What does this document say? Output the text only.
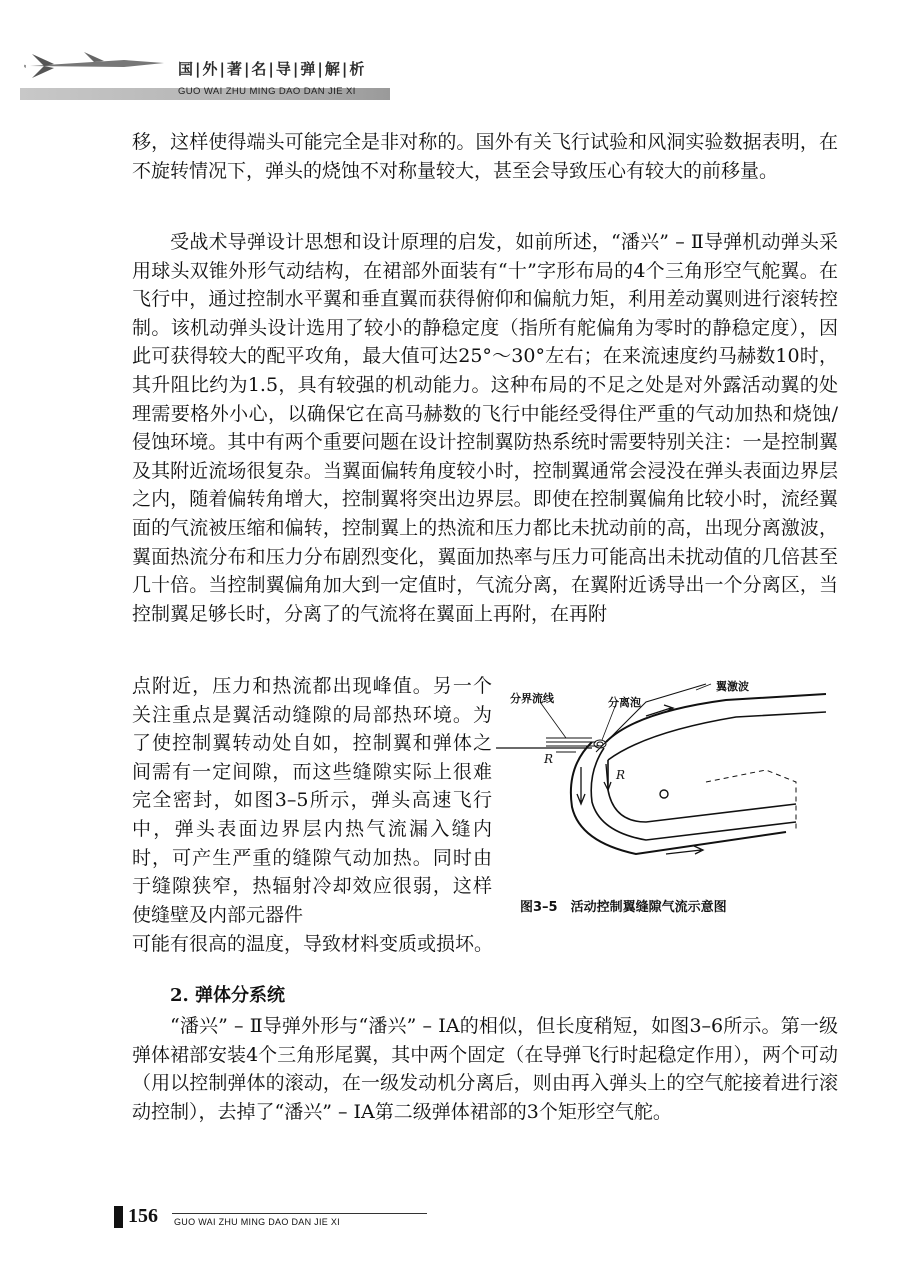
国|外|著|名|导|弹|解|析
GUO WAI ZHU MING DAO DAN JIE XI
移，这样使得端头可能完全是非对称的。国外有关飞行试验和风洞实验数据表明，在不旋转情况下，弹头的烧蚀不对称量较大，甚至会导致压心有较大的前移量。
受战术导弹设计思想和设计原理的启发，如前所述，“潘兴” – Ⅱ导弹机动弹头采用球头双锥外形气动结构，在裙部外面装有“十”字形布局的4个三角形空气舵翼。在飞行中，通过控制水平翼和垂直翼而获得俯仰和偏航力矩，利用差动翼则进行滚转控制。该机动弹头设计选用了较小的静稳定度（指所有舵偏角为零时的静稳定度），因此可获得较大的配平攻角，最大值可达25°～30°左右；在来流速度约马赫数10时，其升阻比约为1.5，具有较强的机动能力。这种布局的不足之处是对外露活动翼的处理需要格外小心，以确保它在高马赫数的飞行中能经受得住严重的气动加热和烧蚀/侵蚀环境。其中有两个重要问题在设计控制翼防热系统时需要特别关注：一是控制翼及其附近流场很复杂。当翼面偏转角度较小时，控制翼通常会浸没在弹头表面边界层之内，随着偏转角增大，控制翼将突出边界层。即使在控制翼偏角比较小时，流经翼面的气流被压缩和偏转，控制翼上的热流和压力都比未扰动前的高，出现分离激波，翼面热流分布和压力分布剧烈变化，翼面加热率与压力可能高出未扰动值的几倍甚至几十倍。当控制翼偏角加大到一定值时，气流分离，在翼附近诱导出一个分离区，当控制翼足够长时，分离了的气流将在翼面上再附，在再附
点附近，压力和热流都出现峰值。另一个关注重点是翼活动缝隙的局部热环境。为了使控制翼转动处自如，控制翼和弹体之间需有一定间隙，而这些缝隙实际上很难完全密封，如图3–5所示，弹头高速飞行中，弹头表面边界层内热气流漏入缝内时，可产生严重的缝隙气动加热。同时由于缝隙狭窄，热辐射冷却效应很弱，这样使缝壁及内部元器件
可能有很高的温度，导致材料变质或损坏。
2. 弹体分系统
“潘兴” – Ⅱ导弹外形与“潘兴” – ⅠA的相似，但长度稍短，如图3–6所示。第一级弹体裙部安装4个三角形尾翼，其中两个固定（在导弹飞行时起稳定作用），两个可动（用以控制弹体的滚动，在一级发动机分离后，则由再入弹头上的空气舵接着进行滚动控制），去掉了“潘兴” – ⅠA第二级弹体裙部的3个矩形空气舵。
分界流线	分离泡
翼激波
R
R
图3–5　活动控制翼缝隙气流示意图
156 GUO WAI ZHU MING DAO DAN JIE XI
